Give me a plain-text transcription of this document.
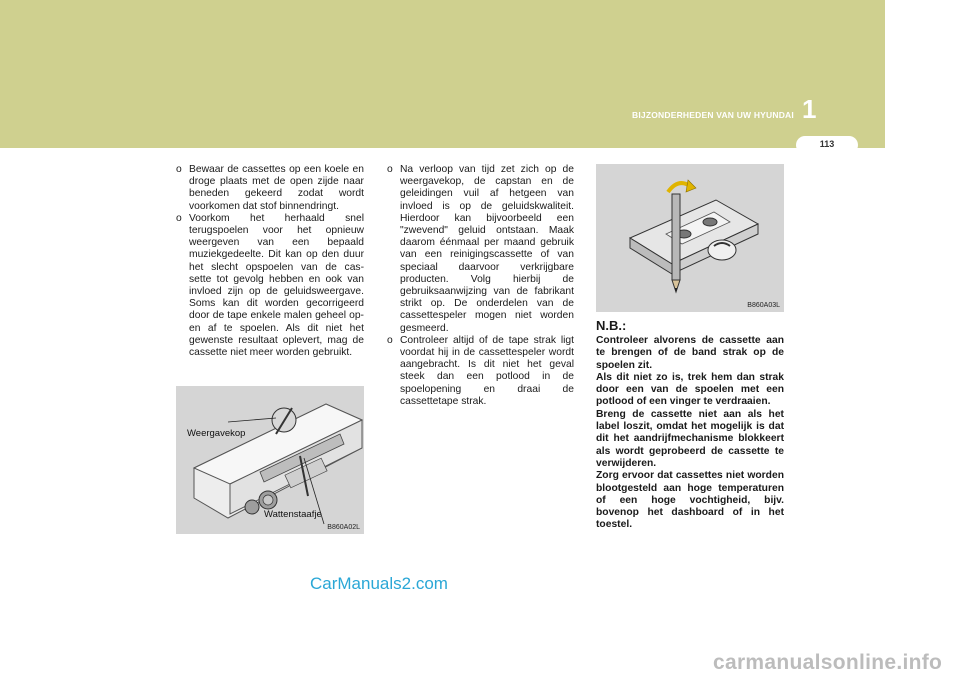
BIJZONDERHEDEN VAN UW HYUNDAI 1
113

o Bewaar de cassettes op een koele en droge plaats met de open zijde naar beneden gekeerd zodat wordt voorkomen dat stof binnendringt.

o Voorkom het herhaald snel terugspoelen voor het opnieuw weergeven van een bepaald muziekgedeelte. Dit kan op den duur het slecht opspoelen van de cas- sette tot gevolg hebben en ook van invloed zijn op de geluidsweergave. Soms kan dit worden gecorrigeerd door de tape enkele malen geheel op- en af te spoelen. Als dit niet het gewenste resultaat oplevert, mag de cassette niet meer worden gebruikt.

Weergavekop
Wattenstaafje
B860A02L

o Na verloop van tijd zet zich op de weergavekop, de capstan en de geleidingen vuil af hetgeen van invloed is op de geluidskwaliteit. Hierdoor kan bijvoorbeeld een "zwevend" geluid ontstaan. Maak daarom éénmaal per maand gebruik van een reinigingscassette of van speciaal daarvoor verkrijgbare producten. Volg hierbij de gebruiksaanwijzing van de fabrikant strikt op. De onderdelen van de cassettespeler mogen niet worden gesmeerd.

o Controleer altijd of de tape strak ligt voordat hij in de cassettespeler wordt aangebracht. Is dit niet het geval steek dan een potlood in de spoelopening en draai de cassettetape strak.

B860A03L
N.B.:
Controleer alvorens de cassette aan te brengen of de band strak op de spoelen zit.
Als dit niet zo is, trek hem dan strak door een van de spoelen met een potlood of een vinger te verdraaien.
Breng de cassette niet aan als het label loszit, omdat het mogelijk is dat dit het aandrijfmechanisme blokkeert als wordt geprobeerd de cassette te verwijderen.
Zorg ervoor dat cassettes niet worden blootgesteld aan hoge temperaturen of een hoge vochtigheid, bijv. bovenop het dashboard of in het toestel.
CarManuals2.com
carmanualsonline.info
